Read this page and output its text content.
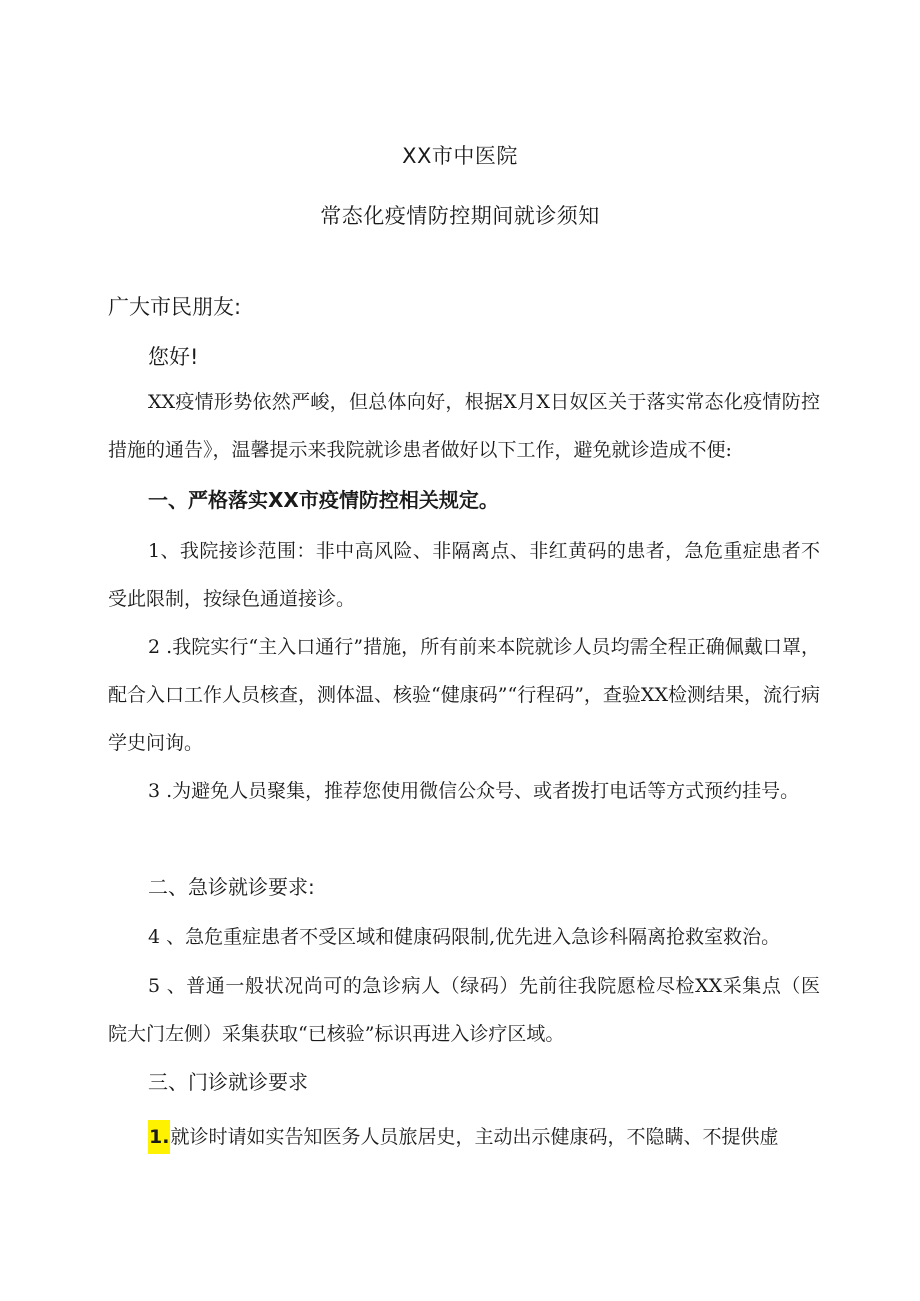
XX市中医院
常态化疫情防控期间就诊须知
广大市民朋友:
您好!
XX疫情形势依然严峻，但总体向好，根据X月X日奴区关于落实常态化疫情防控措施的通告》，温馨提示来我院就诊患者做好以下工作，避免就诊造成不便:
一、严格落实XX市疫情防控相关规定。
1、我院接诊范围：非中高风险、非隔离点、非红黄码的患者，急危重症患者不受此限制，按绿色通道接诊。
2 .我院实行“主入口通行”措施，所有前来本院就诊人员均需全程正确佩戴口罩，配合入口工作人员核查，测体温、核验“健康码”“行程码”，查验XX检测结果，流行病学史问询。
3 .为避免人员聚集，推荐您使用微信公众号、或者拨打电话等方式预约挂号。
二、急诊就诊要求:
4 、急危重症患者不受区域和健康码限制,优先进入急诊科隔离抢救室救治。
5 、普通一般状况尚可的急诊病人（绿码）先前往我院愿检尽检XX采集点（医院大门左侧）采集获取“已核验”标识再进入诊疗区域。
三、门诊就诊要求
1.就诊时请如实告知医务人员旅居史，主动出示健康码，不隐瞒、不提供虚
